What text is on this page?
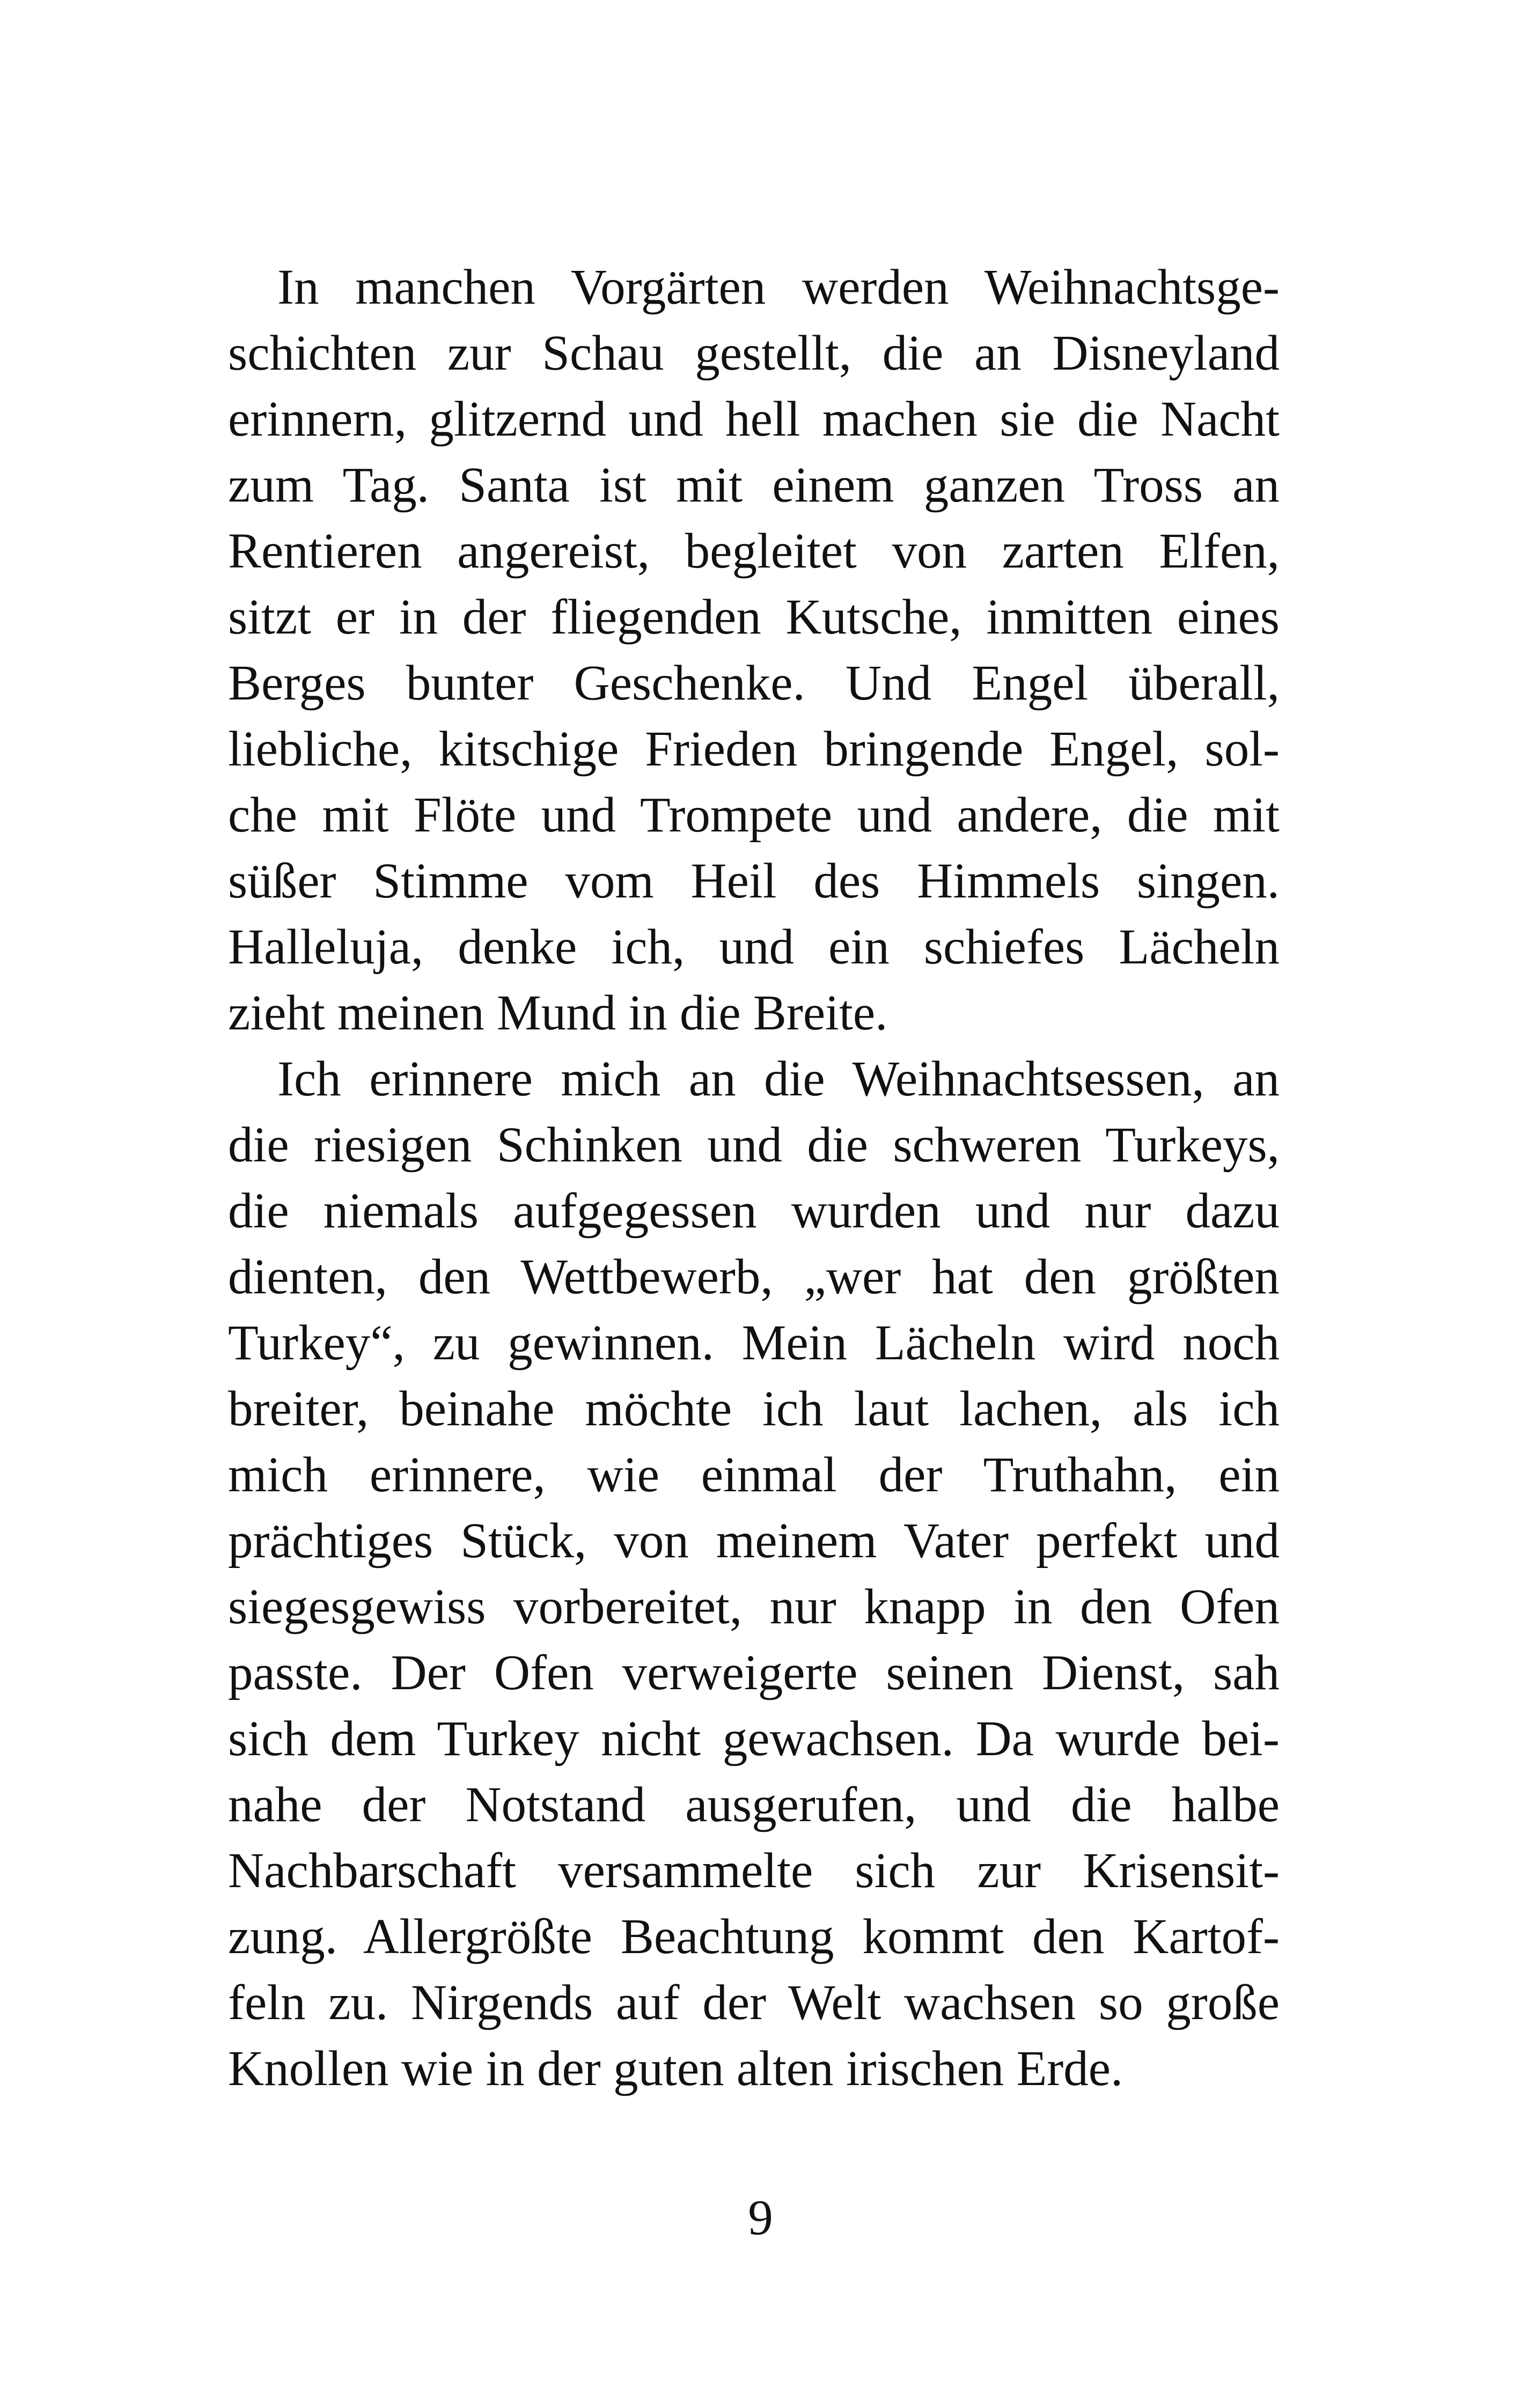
In manchen Vorgärten werden Weihnachtsge-
schichten zur Schau gestellt, die an Disneyland
erinnern, glitzernd und hell machen sie die Nacht
zum Tag. Santa ist mit einem ganzen Tross an
Rentieren angereist, begleitet von zarten Elfen,
sitzt er in der fliegenden Kutsche, inmitten eines
Berges bunter Geschenke. Und Engel überall,
liebliche, kitschige Frieden bringende Engel, sol-
che mit Flöte und Trompete und andere, die mit
süßer Stimme vom Heil des Himmels singen.
Halleluja, denke ich, und ein schiefes Lächeln
zieht meinen Mund in die Breite.
Ich erinnere mich an die Weihnachtsessen, an
die riesigen Schinken und die schweren Turkeys,
die niemals aufgegessen wurden und nur dazu
dienten, den Wettbewerb, „wer hat den größten
Turkey“, zu gewinnen. Mein Lächeln wird noch
breiter, beinahe möchte ich laut lachen, als ich
mich erinnere, wie einmal der Truthahn, ein
prächtiges Stück, von meinem Vater perfekt und
siegesgewiss vorbereitet, nur knapp in den Ofen
passte. Der Ofen verweigerte seinen Dienst, sah
sich dem Turkey nicht gewachsen. Da wurde bei-
nahe der Notstand ausgerufen, und die halbe
Nachbarschaft versammelte sich zur Krisensit-
zung. Allergrößte Beachtung kommt den Kartof-
feln zu. Nirgends auf der Welt wachsen so große
Knollen wie in der guten alten irischen Erde.
9
